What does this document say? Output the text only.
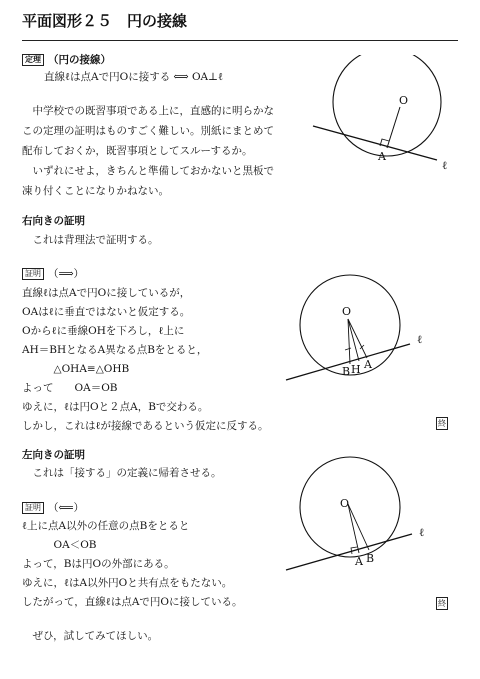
平面図形２５　円の接線
定理 （円の接線）
直線ℓは点Aで円Oに接する ⟺ OA⊥ℓ
　中学校での既習事項である上に，直感的に明らかな
この定理の証明はものすごく難しい。別紙にまとめて
配布しておくか，既習事項としてスルーするか。
　いずれにせよ，きちんと準備しておかないと黒板で
凍り付くことになりかねない。
O
A
ℓ
右向きの証明
　これは背理法で証明する。
証明 （⟹）
直線ℓは点Aで円Oに接しているが，
OAはℓに垂直ではないと仮定する。
Oからℓに垂線OHを下ろし，ℓ上に
AH＝BHとなるA異なる点Bをとると，
　　　△OHA≡△OHB
よって　　OA＝OB
ゆえに，ℓは円Oと２点A，Bで交わる。
しかし，これはℓが接線であるという仮定に反する。	終
O
B H A
ℓ
左向きの証明
　これは「接する」の定義に帰着させる。
証明 （⟸）
ℓ上に点A以外の任意の点Bをとると
　　　OA＜OB
よって，Bは円Oの外部にある。
ゆえに，ℓはA以外円Oと共有点をもたない。
したがって，直線ℓは点Aで円Oに接している。	終
O
A B
ℓ
　ぜひ，試してみてほしい。
